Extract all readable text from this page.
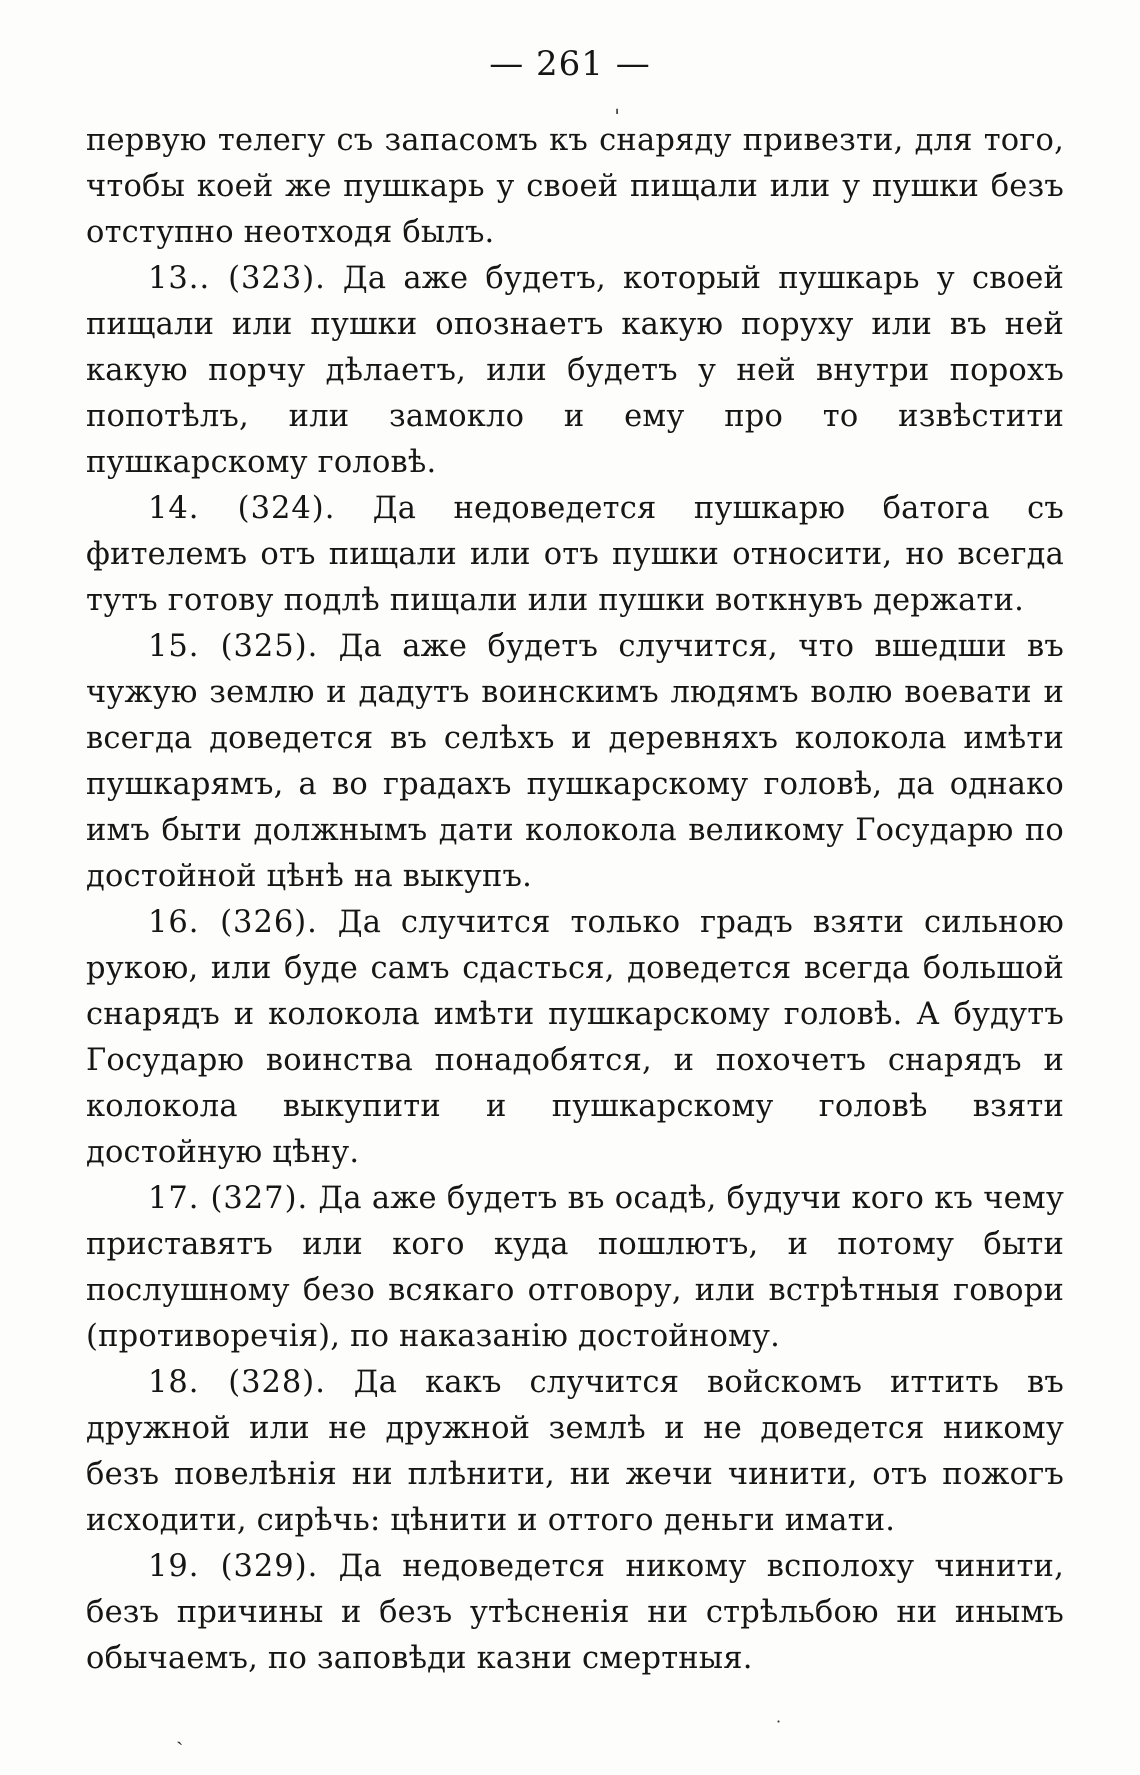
— 261 —
ˌ

первую телегу съ запасомъ къ снаряду привезти, для того, чтобы коей же пушкарь у своей пищали или у пушки безъ отступно неотходя былъ.

13.. (323). Да аже будетъ, который пушкарь у своей пищали или пушки опознаетъ какую поруху или въ ней какую порчу дѣлаетъ, или будетъ у ней внутри порохъ попотѣлъ, или замокло и ему про то извѣстити пушкарскому головѣ.

14. (324). Да недоведется пушкарю батога съ фителемъ отъ пищали или отъ пушки относити, но всегда тутъ готову подлѣ пищали или пушки воткнувъ держати.

15. (325). Да аже будетъ случится, что вшедши въ чужую землю и дадутъ воинскимъ людямъ волю воевати и всегда доведется въ селѣхъ и деревняхъ колокола имѣти пушкарямъ, а во градахъ пушкарскому головѣ, да однако имъ быти должнымъ дати колокола великому Государю по достойной цѣнѣ на выкупъ.

16. (326). Да случится только градъ взяти сильною рукою, или буде самъ сдасться, доведется всегда большой снарядъ и колокола имѣти пушкарскому головѣ. А будутъ Государю воинства понадобятся, и похочетъ снарядъ и колокола выкупити и пушкарскому головѣ взяти достойную цѣну.

17. (327). Да аже будетъ въ осадѣ, будучи кого къ чему приставятъ или кого куда пошлютъ, и потому быти послушному безо всякаго отговору, или встрѣтныя говори (противоречія), по наказанію достойному.

18. (328). Да какъ случится войскомъ иттить въ дружной или не дружной землѣ и не доведется никому безъ повелѣнія ни плѣнити, ни жечи чинити, отъ пожогъ исходити, сирѣчь: цѣнити и оттого деньги имати.

19. (329). Да недоведется никому всполоху чинити, безъ причины и безъ утѣсненія ни стрѣльбою ни инымъ обычаемъ, по заповѣди казни смертныя.

ˎ	·
